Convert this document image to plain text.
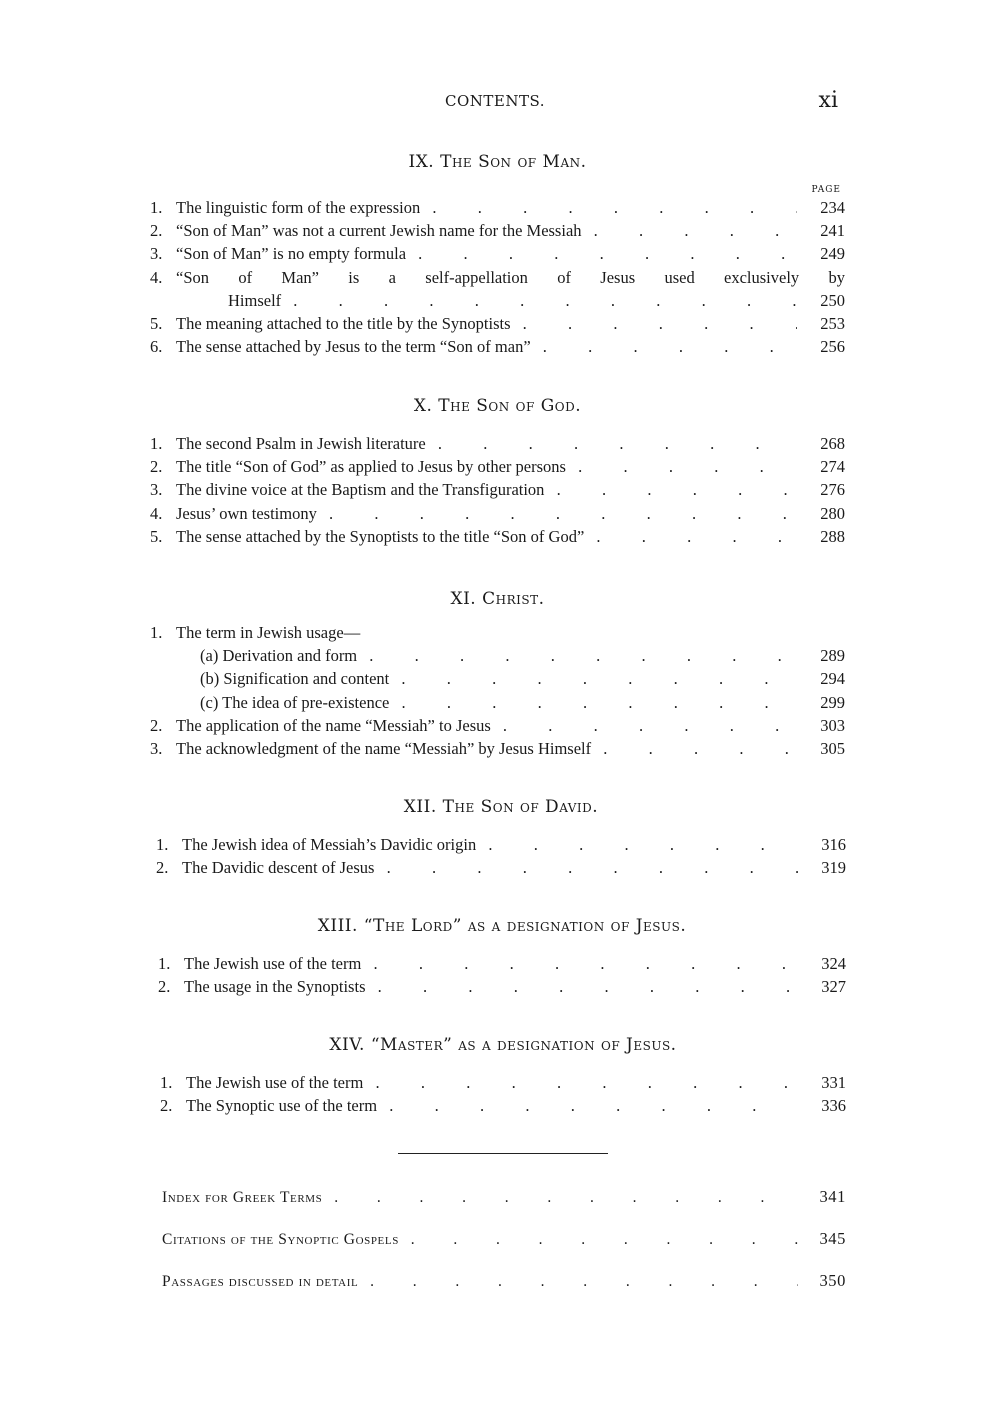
CONTENTS.	xi
IX. The Son of Man.
PAGE
1. The linguistic form of the expression .	234
2. “Son of Man” was not a current Jewish name for the Messiah .	241
3. “Son of Man” is no empty formula .	249
4. “Son of Man” is a self-appellation of Jesus used exclusively by
Himself .	250
5. The meaning attached to the title by the Synoptists .	253
6. The sense attached by Jesus to the term “Son of man” .	256
X. The Son of God.
1. The second Psalm in Jewish literature .	268
2. The title “Son of God” as applied to Jesus by other persons .	274
3. The divine voice at the Baptism and the Transfiguration .	276
4. Jesus’ own testimony .	280
5. The sense attached by the Synoptists to the title “Son of God” .	288
XI. Christ.
1. The term in Jewish usage—
(a) Derivation and form .	289
(b) Signification and content .	294
(c) The idea of pre-existence .	299
2. The application of the name “Messiah” to Jesus .	303
3. The acknowledgment of the name “Messiah” by Jesus Himself .	305
XII. The Son of David.
1. The Jewish idea of Messiah’s Davidic origin .	316
2. The Davidic descent of Jesus .	319
XIII. “The Lord” as a designation of Jesus.
1. The Jewish use of the term .	324
2. The usage in the Synoptists .	327
XIV. “Master” as a designation of Jesus.
1. The Jewish use of the term .	331
2. The Synoptic use of the term .	336
Index for Greek Terms .	341
Citations of the Synoptic Gospels .	345
Passages discussed in detail .	350
